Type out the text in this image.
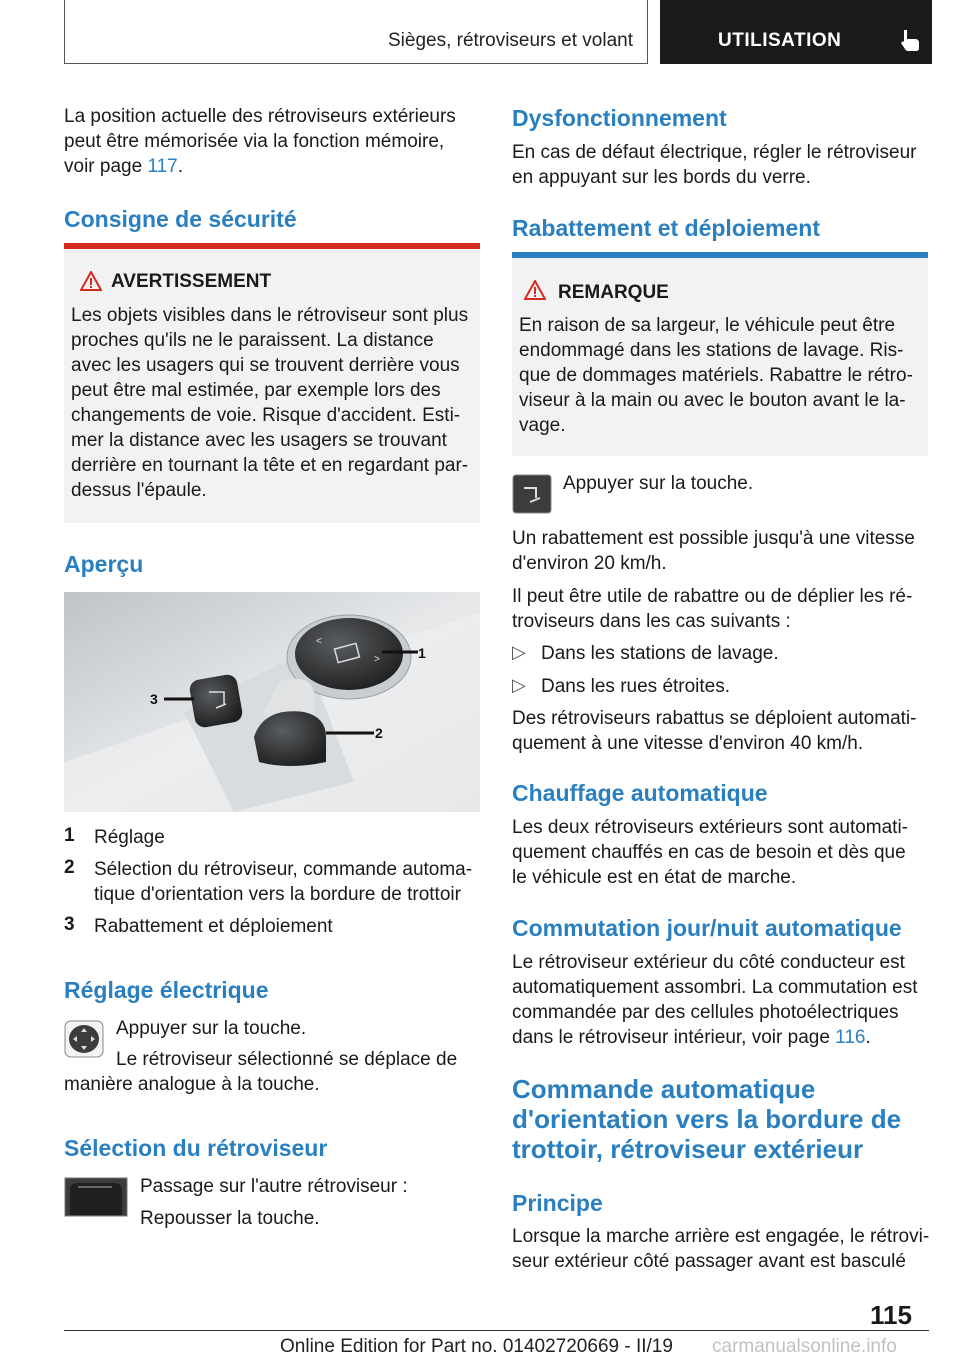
Sièges, rétroviseurs et volant	UTILISATION

La position actuelle des rétroviseurs extérieurs

peut être mémorisée via la fonction mémoire,

voir page 117.

Consigne de sécurité
AVERTISSEMENT

Les objets visibles dans le rétroviseur sont plus

proches qu'ils ne le paraissent. La distance

avec les usagers qui se trouvent derrière vous

peut être mal estimée, par exemple lors des

changements de voie. Risque d'accident. Esti-

mer la distance avec les usagers se trouvant

derrière en tournant la tête et en regardant par-

dessus l'épaule.

Aperçu
<
>	1
2
3
1 Réglage
2 Sélection du rétroviseur, commande automa-

tique d'orientation vers la bordure de trottoir

3 Rabattement et déploiement
Réglage électrique

Appuyer sur la touche.

Le rétroviseur sélectionné se déplace de

manière analogue à la touche.

Sélection du rétroviseur

Passage sur l'autre rétroviseur :

Repousser la touche.

Dysfonctionnement

En cas de défaut électrique, régler le rétroviseur

en appuyant sur les bords du verre.

Rabattement et déploiement
REMARQUE

En raison de sa largeur, le véhicule peut être

endommagé dans les stations de lavage. Ris-

que de dommages matériels. Rabattre le rétro-

viseur à la main ou avec le bouton avant le la-

vage.

Appuyer sur la touche.

Un rabattement est possible jusqu'à une vitesse

d'environ 20 km/h.

Il peut être utile de rabattre ou de déplier les ré-

troviseurs dans les cas suivants :

▷ Dans les stations de lavage.

▷ Dans les rues étroites.

Des rétroviseurs rabattus se déploient automati-

quement à une vitesse d'environ 40 km/h.

Chauffage automatique

Les deux rétroviseurs extérieurs sont automati-

quement chauffés en cas de besoin et dès que

le véhicule est en état de marche.

Commutation jour/nuit automatique

Le rétroviseur extérieur du côté conducteur est

automatiquement assombri. La commutation est

commandée par des cellules photoélectriques

dans le rétroviseur intérieur, voir page 116.

Commande automatique
d'orientation vers la bordure de
trottoir, rétroviseur extérieur
Principe

Lorsque la marche arrière est engagée, le rétrovi-

seur extérieur côté passager avant est basculé

115
Online Edition for Part no. 01402720669 - II/19 carmanualsonline.info
